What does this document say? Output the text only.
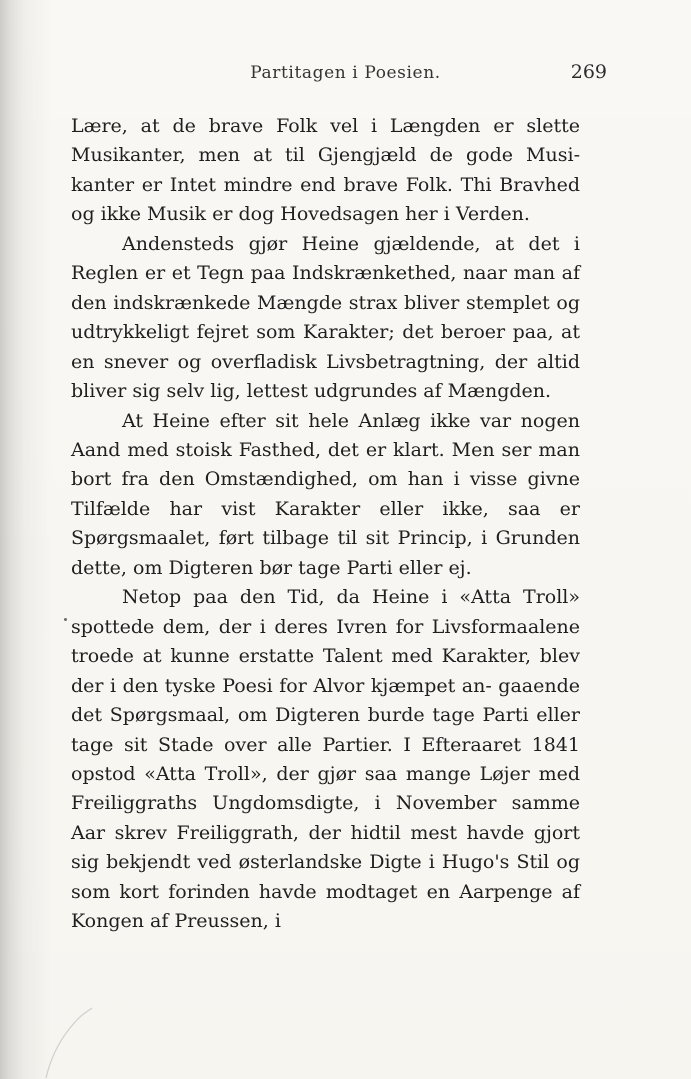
Partitagen i Poesien.	269

Lære, at de brave Folk vel i Længden er slette Musikanter, men at til Gjengjæld de gode Musi- kanter er Intet mindre end brave Folk. Thi Bravhed og ikke Musik er dog Hovedsagen her i Verden.

Andensteds gjør Heine gjældende, at det i Reglen er et Tegn paa Indskrænkethed, naar man af den indskrænkede Mængde strax bliver stemplet og udtrykkeligt fejret som Karakter; det beroer paa, at en snever og overfladisk Livsbetragtning, der altid bliver sig selv lig, lettest udgrundes af Mængden.

At Heine efter sit hele Anlæg ikke var nogen Aand med stoisk Fasthed, det er klart. Men ser man bort fra den Omstændighed, om han i visse givne Tilfælde har vist Karakter eller ikke, saa er Spørgsmaalet, ført tilbage til sit Princip, i Grunden dette, om Digteren bør tage Parti eller ej.

Netop paa den Tid, da Heine i «Atta Troll» spottede dem, der i deres Ivren for Livsformaalene troede at kunne erstatte Talent med Karakter, blev der i den tyske Poesi for Alvor kjæmpet an- gaaende det Spørgsmaal, om Digteren burde tage Parti eller tage sit Stade over alle Partier. I Efteraaret 1841 opstod «Atta Troll», der gjør saa mange Løjer med Freiliggraths Ungdomsdigte, i November samme Aar skrev Freiliggrath, der hidtil mest havde gjort sig bekjendt ved østerlandske Digte i Hugo's Stil og som kort forinden havde modtaget en Aarpenge af Kongen af Preussen, i
